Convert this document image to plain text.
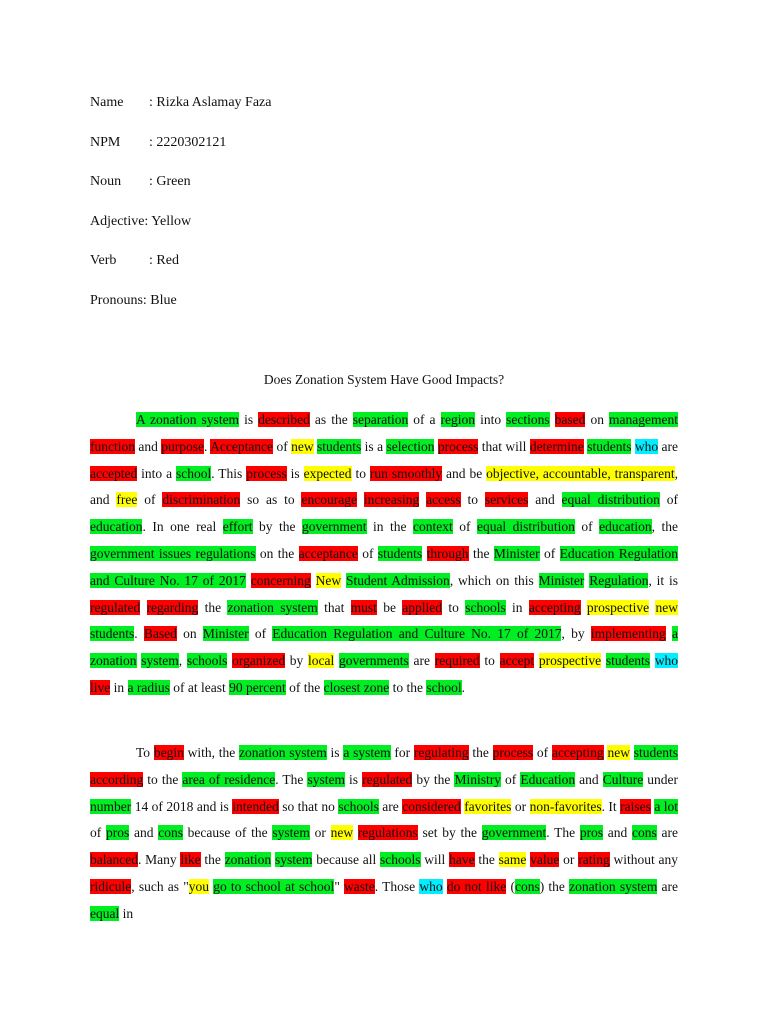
Name	: Rizka Aslamay Faza
NPM	: 2220302121
Noun	: Green
Adjective : Yellow
Verb	: Red
Pronouns : Blue
Does Zonation System Have Good Impacts?

A zonation system is described as the separation of a region into sections based on management function and purpose. Acceptance of new students is a selection process that will determine students who are accepted into a school. This process is expected to run smoothly and be objective, accountable, transparent, and free of discrimination so as to encourage increasing access to services and equal distribution of education. In one real effort by the government in the context of equal distribution of education, the government issues regulations on the acceptance of students through the Minister of Education Regulation and Culture No. 17 of 2017 concerning New Student Admission, which on this Minister Regulation, it is regulated regarding the zonation system that must be applied to schools in accepting prospective new students. Based on Minister of Education Regulation and Culture No. 17 of 2017, by implementing a zonation system, schools organized by local governments are required to accept prospective students who live in a radius of at least 90 percent of the closest zone to the school.

To begin with, the zonation system is a system for regulating the process of accepting new students according to the area of residence. The system is regulated by the Ministry of Education and Culture under number 14 of 2018 and is intended so that no schools are considered favorites or non-favorites. It raises a lot of pros and cons because of the system or new regulations set by the government. The pros and cons are balanced. Many like the zonation system because all schools will have the same value or rating without any ridicule, such as "you go to school at school" waste. Those who do not like (cons) the zonation system are equal in
